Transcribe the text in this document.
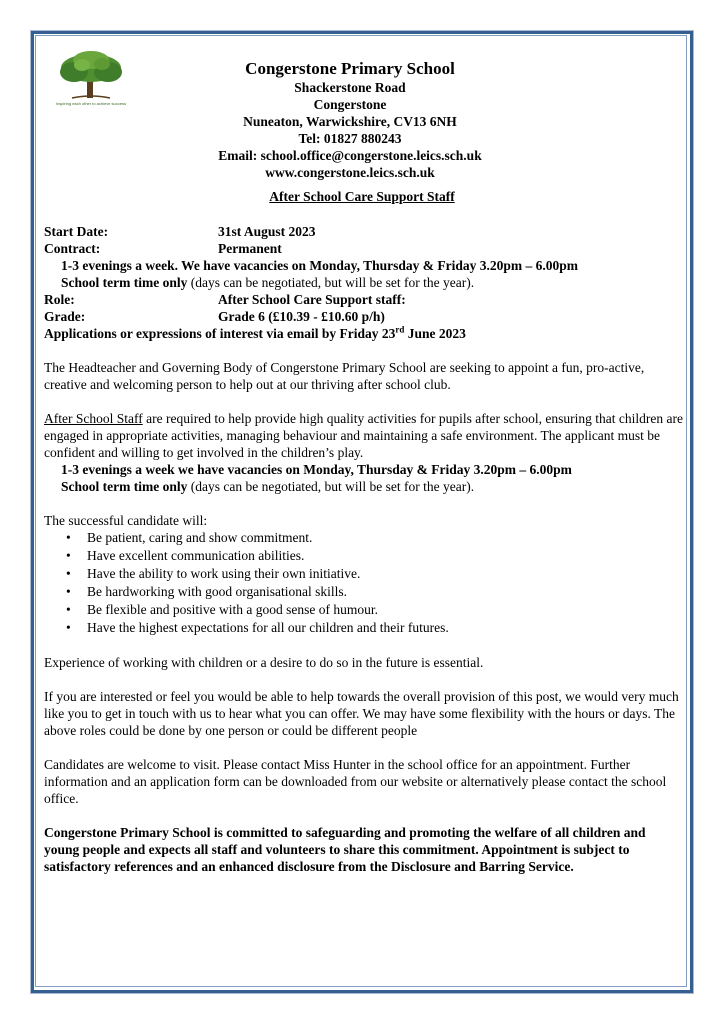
Inspiring each other to achieve success
Congerstone Primary School
Shackerstone Road
Congerstone
Nuneaton, Warwickshire, CV13 6NH
Tel: 01827 880243
Email: school.office@congerstone.leics.sch.uk
www.congerstone.leics.sch.uk
After School Care Support Staff
Start Date:	31st August 2023
Contract:	Permanent

1-3 evenings a week. We have vacancies on Monday, Thursday & Friday 3.20pm – 6.00pm

School term time only (days can be negotiated, but will be set for the year).

Role:	After School Care Support staff:
Grade:	Grade 6 (£10.39 - £10.60 p/h)

Applications or expressions of interest via email by Friday 23rd June 2023

The Headteacher and Governing Body of Congerstone Primary School are seeking to appoint a fun, pro-active, creative and welcoming person to help out at our thriving after school club.

After School Staff are required to help provide high quality activities for pupils after school, ensuring that children are engaged in appropriate activities, managing behaviour and maintaining a safe environment. The applicant must be confident and willing to get involved in the children’s play.

1-3 evenings a week we have vacancies on Monday, Thursday & Friday 3.20pm – 6.00pm

School term time only (days can be negotiated, but will be set for the year).

The successful candidate will:

• Be patient, caring and show commitment.
• Have excellent communication abilities.
• Have the ability to work using their own initiative.
• Be hardworking with good organisational skills.
• Be flexible and positive with a good sense of humour.
• Have the highest expectations for all our children and their futures.

Experience of working with children or a desire to do so in the future is essential.

If you are interested or feel you would be able to help towards the overall provision of this post, we would very much like you to get in touch with us to hear what you can offer. We may have some flexibility with the hours or days. The above roles could be done by one person or could be different people

Candidates are welcome to visit. Please contact Miss Hunter in the school office for an appointment. Further information and an application form can be downloaded from our website or alternatively please contact the school office.

Congerstone Primary School is committed to safeguarding and promoting the welfare of all children and young people and expects all staff and volunteers to share this commitment. Appointment is subject to satisfactory references and an enhanced disclosure from the Disclosure and Barring Service.
